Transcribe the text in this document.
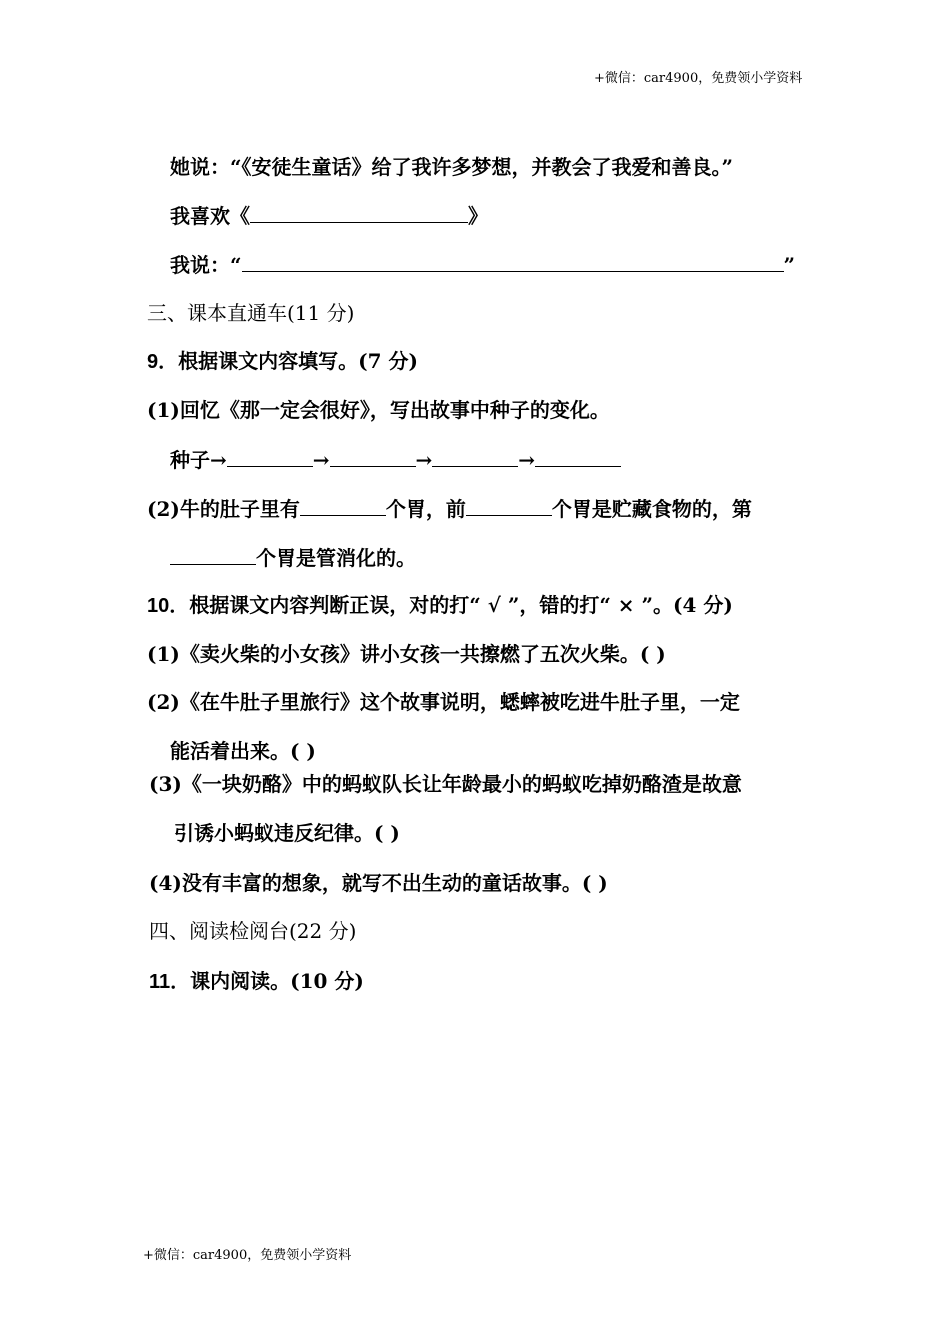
+微信：car4900，免费领小学资料
她说：“《安徒生童话》给了我许多梦想，并教会了我爱和善良。”
我喜欢《	》
我说：“	”
三、课本直通车(11 分)
9．根据课文内容填写。(7 分)
(1)回忆《那一定会很好》，写出故事中种子的变化。
种子→	→	→	→
(2)牛的肚子里有	个胃，前	个胃是贮藏食物的，第
个胃是管消化的。
10．根据课文内容判断正误，对的打“ √ ”，错的打“ × ”。(4 分)
(1)《卖火柴的小女孩》讲小女孩一共擦燃了五次火柴。( )
(2)《在牛肚子里旅行》这个故事说明，蟋蟀被吃进牛肚子里，一定
能活着出来。( )
(3)《一块奶酪》中的蚂蚁队长让年龄最小的蚂蚁吃掉奶酪渣是故意
引诱小蚂蚁违反纪律。( )
(4)没有丰富的想象，就写不出生动的童话故事。( )
四、阅读检阅台(22 分)
11．课内阅读。(10 分)
+微信：car4900，免费领小学资料
